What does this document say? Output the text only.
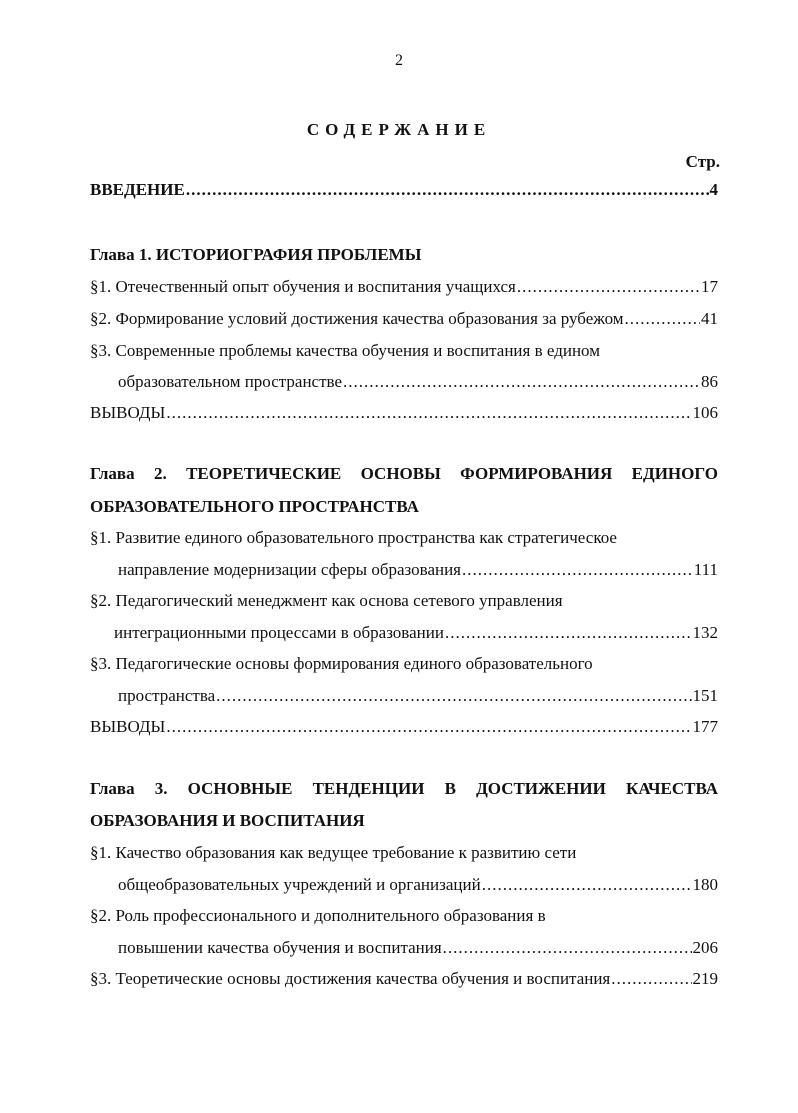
2
СОДЕРЖАНИЕ
Стр.
ВВЕДЕНИЕ .....	4
Глава 1. ИСТОРИОГРАФИЯ ПРОБЛЕМЫ
§1. Отечественный опыт обучения и воспитания учащихся .....	17
§2. Формирование условий достижения качества образования за рубежом .....	41
§3. Современные проблемы качества обучения и воспитания в едином
образовательном пространстве .....	86
ВЫВОДЫ .....	106
Глава 2. ТЕОРЕТИЧЕСКИЕ ОСНОВЫ ФОРМИРОВАНИЯ ЕДИНОГО
ОБРАЗОВАТЕЛЬНОГО ПРОСТРАНСТВА
§1. Развитие единого образовательного пространства как стратегическое
направление модернизации сферы образования .....	111
§2. Педагогический менеджмент как основа сетевого управления
интеграционными процессами в образовании .....	132
§3. Педагогические основы формирования единого образовательного
пространства .....	151
ВЫВОДЫ .....	177
Глава 3. ОСНОВНЫЕ ТЕНДЕНЦИИ В ДОСТИЖЕНИИ КАЧЕСТВА
ОБРАЗОВАНИЯ И ВОСПИТАНИЯ
§1. Качество образования как ведущее требование к развитию сети
общеобразовательных учреждений и организаций .....	180
§2. Роль профессионального и дополнительного образования в
повышении качества обучения и воспитания .....	206
§3. Теоретические основы достижения качества обучения и воспитания .....	219
